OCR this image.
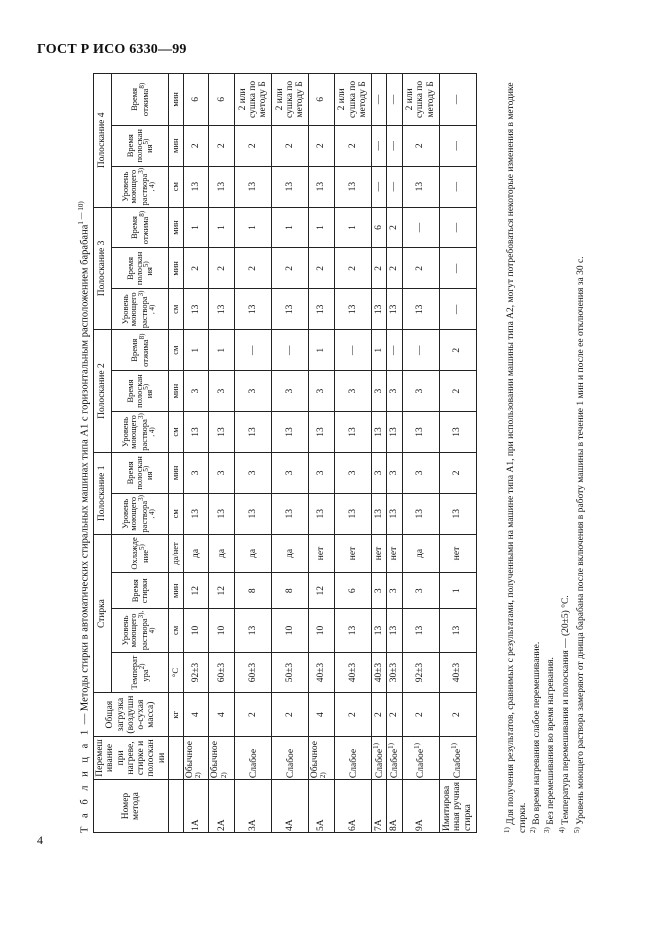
ГОСТ Р ИСО 6330—99
4
Т а б л и ц а 1 — Методы стирки в автоматических стиральных машинах типа А1 с горизонтальным расположением барабана$^{1 — 10)}$
Номер метода	Перемешивание при нагреве, стирке и полоскании	Общая загрузка (воздушно-сухая масса)	Стирка				Полоскание 1		Полоскание 2			Полоскание 3			Полоскание 4		
			Температура$^{2)}$	Уровень моющего раствора$^{3), 4)}$	Время стирки	Охлаждение$^{5)}$	Уровень моющего раствора$^{3), 4)}$	Время полоскания$^{5)}$	Уровень моющего раствора$^{3), 4)}$	Время полоскания$^{5)}$	Время отжима$^{8)}$	Уровень моющего раствора$^{3), 4)}$	Время полоскания$^{5)}$	Время отжима$^{8)}$	Уровень моющего раствора$^{3), 4)}$	Время полоскания$^{5)}$	Время отжима$^{8)}$
		кг	°С	см	мин	да/нет	см	мин	см	мин	см	см	мин	мин	см	мин	мин
1А	Обычное$^{2)}$	4	92±3	10	12	да	13	3	13	3	1	13	2	1	13	2	6
2А	Обычное$^{2)}$	4	60±3	10	12	да	13	3	13	3	1	13	2	1	13	2	6
3А	Слабое	2	60±3	13	8	да	13	3	13	3	—	13	2	1	13	2	2 или сушка по методу Б
4А	Слабое	2	50±3	10	8	да	13	3	13	3	—	13	2	1	13	2	2 или сушка по методу Б
5А	Обычное$^{2)}$	4	40±3	10	12	нет	13	3	13	3	1	13	2	1	13	2	6
6А	Слабое	2	40±3	13	6	нет	13	3	13	3	—	13	2	1	13	2	2 или сушка по методу Б
7А	Слабое$^{1)}$	2	40±3	13	3	нет	13	3	13	3	1	13	2	6	—	—	—
8А	Слабое$^{1)}$	2	30±3	13	3	нет	13	3	13	3	—	13	2	2	—	—	—
9А	Слабое$^{1)}$	2	92±3	13	3	да	13	3	13	3	—	13	2	—	13	2	2 или сушка по методу Б
Имитированная ручная стирка	Слабое$^{1)}$	2	40±3	13	1	нет	13	2	13	2	2	—	—	—	—	—	—

$^{1)}$ Для получения результатов, сравнимых с результатами, полученными на машине типа А1, при использовании машины типа А2, могут потребоваться некоторые изменения в методике стирки. $^{2)}$ Во время нагревания слабое перемешивание.

$^{3)}$ Без перемешивания во время нагревания.

$^{4)}$ Температура перемешивания и полоскания — (20±5) °С.

$^{5)}$ Уровень моющего раствора замеряют от днища барабана после включения в работу машины в течение 1 мин и после ее отключения за 30 с.
